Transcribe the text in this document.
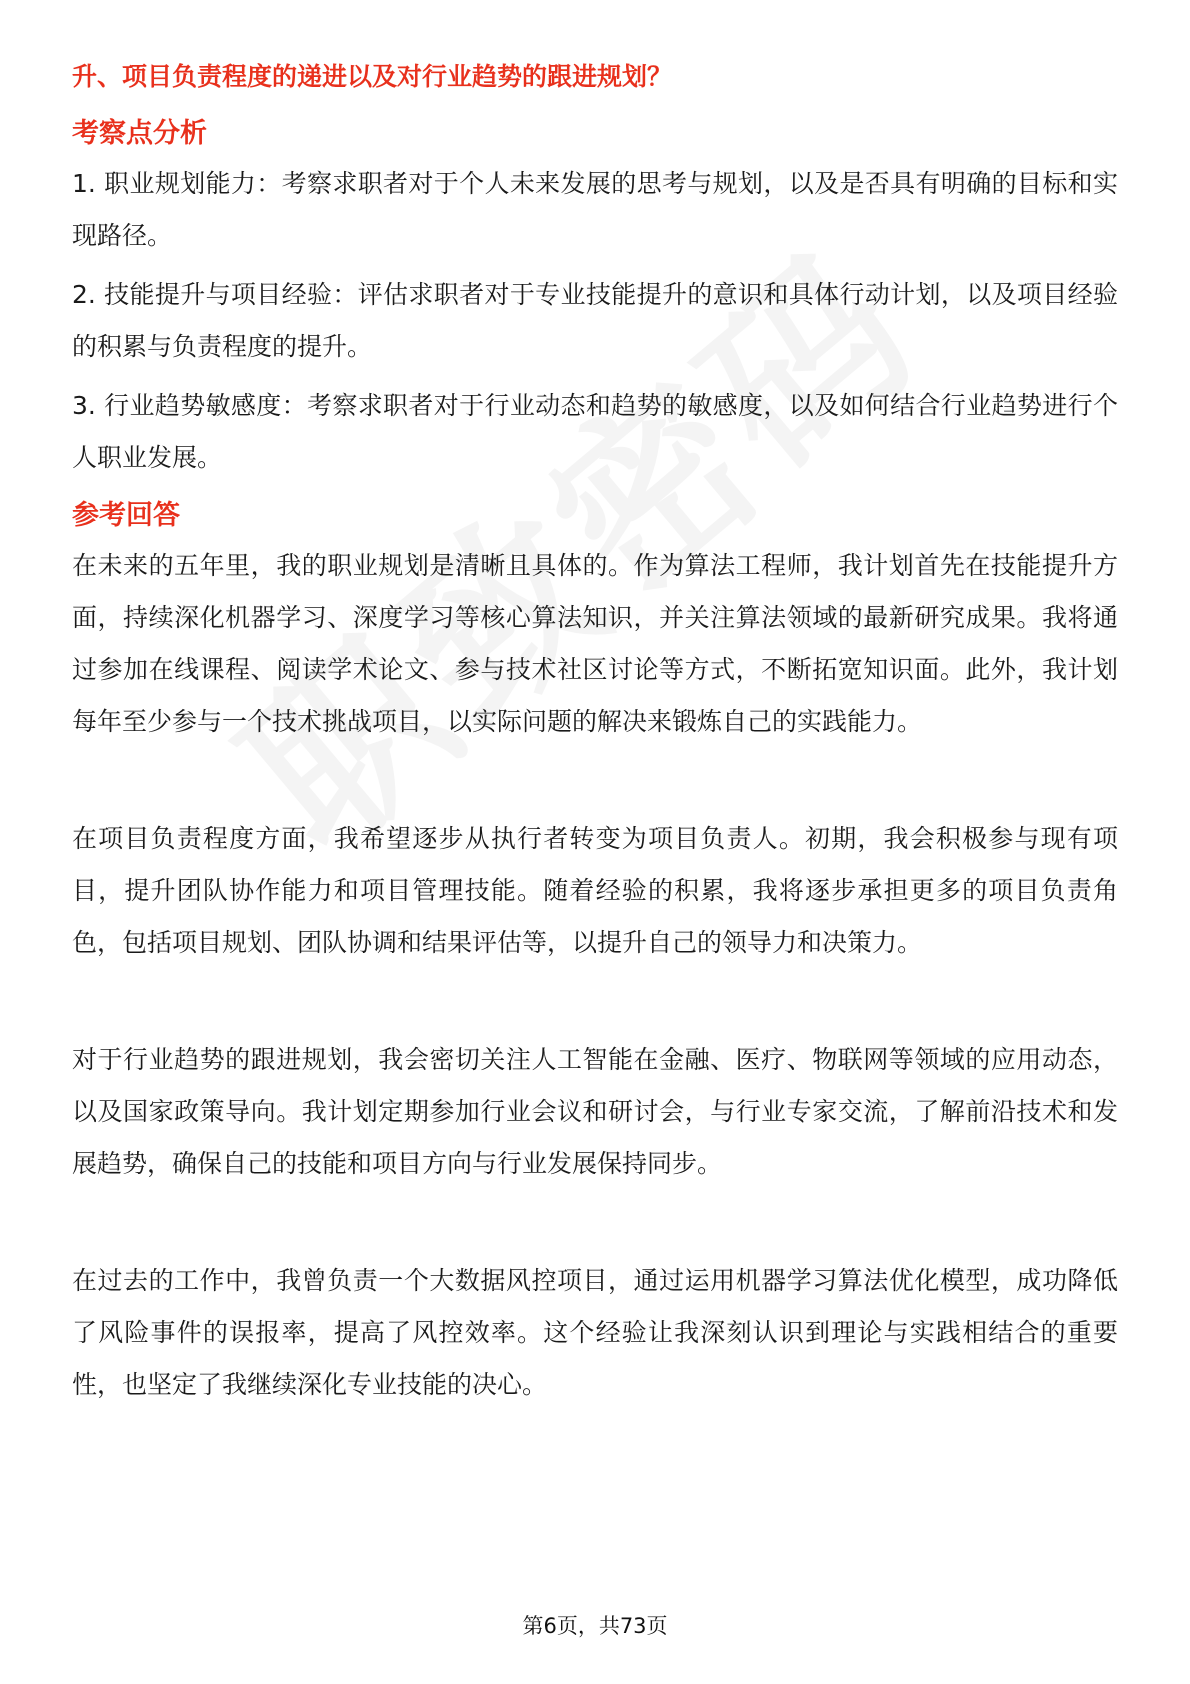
升、项目负责程度的递进以及对行业趋势的跟进规划？

考察点分析

1. 职业规划能力：考察求职者对于个人未来发展的思考与规划，以及是否具有明确的目标和实现路径。

2. 技能提升与项目经验：评估求职者对于专业技能提升的意识和具体行动计划，以及项目经验的积累与负责程度的提升。

3. 行业趋势敏感度：考察求职者对于行业动态和趋势的敏感度，以及如何结合行业趋势进行个人职业发展。

参考回答

在未来的五年里，我的职业规划是清晰且具体的。作为算法工程师，我计划首先在技能提升方面，持续深化机器学习、深度学习等核心算法知识，并关注算法领域的最新研究成果。我将通过参加在线课程、阅读学术论文、参与技术社区讨论等方式，不断拓宽知识面。此外，我计划每年至少参与一个技术挑战项目，以实际问题的解决来锻炼自己的实践能力。

在项目负责程度方面，我希望逐步从执行者转变为项目负责人。初期，我会积极参与现有项目，提升团队协作能力和项目管理技能。随着经验的积累，我将逐步承担更多的项目负责角色，包括项目规划、团队协调和结果评估等，以提升自己的领导力和决策力。

对于行业趋势的跟进规划，我会密切关注人工智能在金融、医疗、物联网等领域的应用动态，以及国家政策导向。我计划定期参加行业会议和研讨会，与行业专家交流，了解前沿技术和发展趋势，确保自己的技能和项目方向与行业发展保持同步。

在过去的工作中，我曾负责一个大数据风控项目，通过运用机器学习算法优化模型，成功降低了风险事件的误报率，提高了风控效率。这个经验让我深刻认识到理论与实践相结合的重要性，也坚定了我继续深化专业技能的决心。

第6页，共73页
